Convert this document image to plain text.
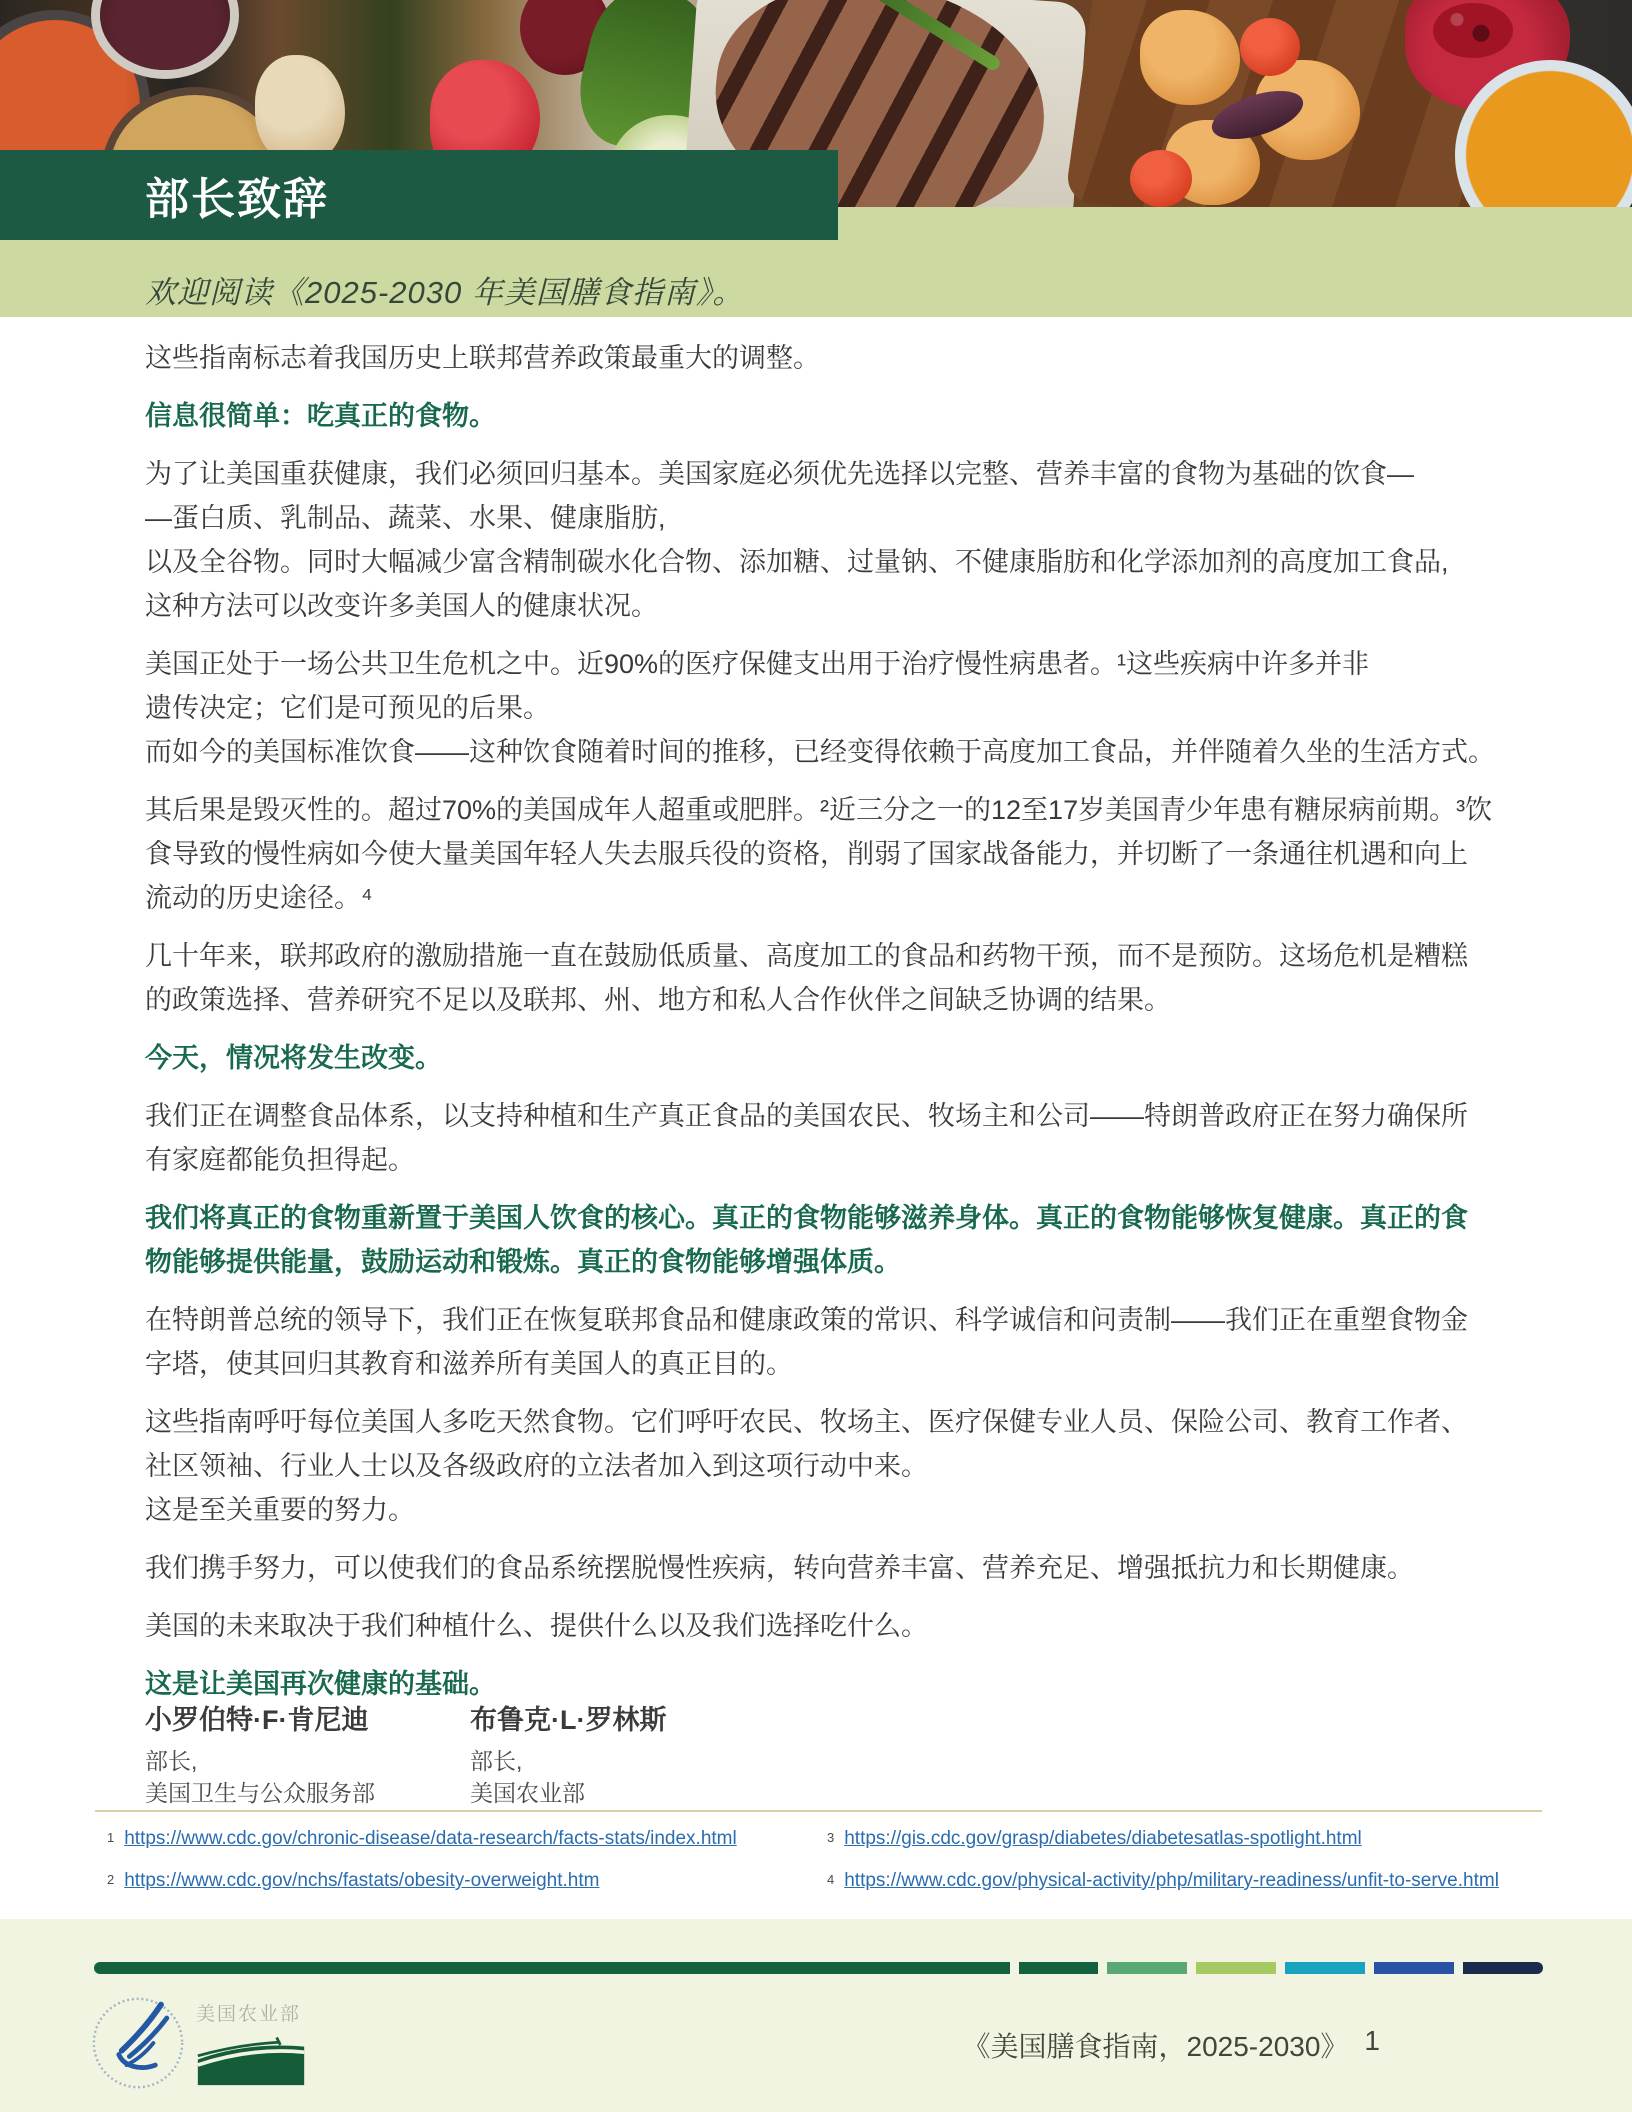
欢迎阅读《2025-2030 年美国膳食指南》。
部长致辞
这些指南标志着我国历史上联邦营养政策最重大的调整。
信息很简单：吃真正的食物。
为了让美国重获健康，我们必须回归基本。美国家庭必须优先选择以完整、营养丰富的食物为基础的饮食—
—蛋白质、乳制品、蔬菜、水果、健康脂肪,
以及全谷物。同时大幅减少富含精制碳水化合物、添加糖、过量钠、不健康脂肪和化学添加剂的高度加工食品,
这种方法可以改变许多美国人的健康状况。
美国正处于一场公共卫生危机之中。近90%的医疗保健支出用于治疗慢性病患者。¹这些疾病中许多并非
遗传决定；它们是可预见的后果。
而如今的美国标准饮食——这种饮食随着时间的推移，已经变得依赖于高度加工食品，并伴随着久坐的生活方式。
其后果是毁灭性的。超过70%的美国成年人超重或肥胖。²近三分之一的12至17岁美国青少年患有糖尿病前期。³饮
食导致的慢性病如今使大量美国年轻人失去服兵役的资格，削弱了国家战备能力，并切断了一条通往机遇和向上
流动的历史途径。⁴
几十年来，联邦政府的激励措施一直在鼓励低质量、高度加工的食品和药物干预，而不是预防。这场危机是糟糕
的政策选择、营养研究不足以及联邦、州、地方和私人合作伙伴之间缺乏协调的结果。
今天，情况将发生改变。
我们正在调整食品体系，以支持种植和生产真正食品的美国农民、牧场主和公司——特朗普政府正在努力确保所
有家庭都能负担得起。
我们将真正的食物重新置于美国人饮食的核心。真正的食物能够滋养身体。真正的食物能够恢复健康。真正的食
物能够提供能量，鼓励运动和锻炼。真正的食物能够增强体质。
在特朗普总统的领导下，我们正在恢复联邦食品和健康政策的常识、科学诚信和问责制——我们正在重塑食物金
字塔，使其回归其教育和滋养所有美国人的真正目的。
这些指南呼吁每位美国人多吃天然食物。它们呼吁农民、牧场主、医疗保健专业人员、保险公司、教育工作者、
社区领袖、行业人士以及各级政府的立法者加入到这项行动中来。
这是至关重要的努力。
我们携手努力，可以使我们的食品系统摆脱慢性疾病，转向营养丰富、营养充足、增强抵抗力和长期健康。
美国的未来取决于我们种植什么、提供什么以及我们选择吃什么。
这是让美国再次健康的基础。
小罗伯特·F·肯尼迪
部长,
美国卫生与公众服务部
布鲁克·L·罗林斯
部长,
美国农业部
$^1$ https://www.cdc.gov/chronic-disease/data-research/facts-stats/index.html
$^2$ https://www.cdc.gov/nchs/fastats/obesity-overweight.htm
$^3$ https://gis.cdc.gov/grasp/diabetes/diabetesatlas-spotlight.html
$^4$ https://www.cdc.gov/physical-activity/php/military-readiness/unfit-to-serve.html
美国农业部
《美国膳食指南，2025-2030》 1
